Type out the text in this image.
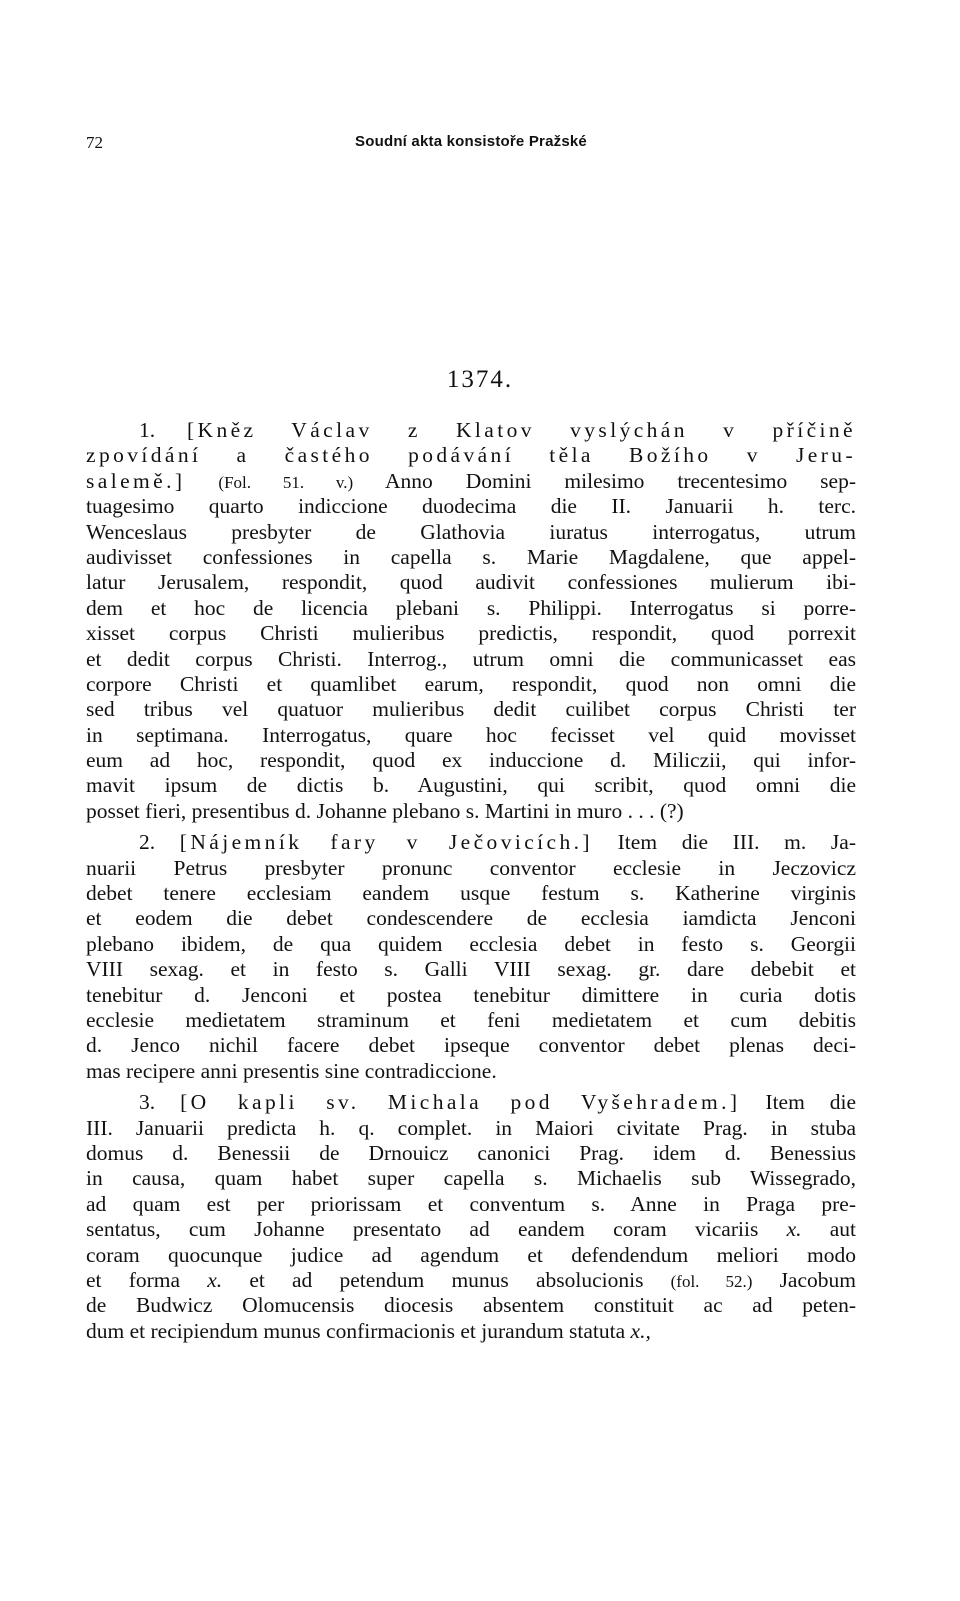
72	Soudní akta konsistoře Pražské
1374.
1. [Kněz Václav z Klatov vyslýchán v příčině
zpovídání a častého podávání těla Božího v Jeru-
salemě.] (Fol. 51. v.) Anno Domini milesimo trecentesimo sep-
tuagesimo quarto indiccione duodecima die II. Januarii h. terc.
Wenceslaus presbyter de Glathovia iuratus interrogatus, utrum
audivisset confessiones in capella s. Marie Magdalene, que appel-
latur Jerusalem, respondit, quod audivit confessiones mulierum ibi-
dem et hoc de licencia plebani s. Philippi. Interrogatus si porre-
xisset corpus Christi mulieribus predictis, respondit, quod porrexit
et dedit corpus Christi. Interrog., utrum omni die communicasset eas
corpore Christi et quamlibet earum, respondit, quod non omni die
sed tribus vel quatuor mulieribus dedit cuilibet corpus Christi ter
in septimana. Interrogatus, quare hoc fecisset vel quid movisset
eum ad hoc, respondit, quod ex induccione d. Miliczii, qui infor-
mavit ipsum de dictis b. Augustini, qui scribit, quod omni die
posset fieri, presentibus d. Johanne plebano s. Martini in muro . . . (?)
2. [Nájemník fary v Ječovicích.] Item die III. m. Ja-
nuarii Petrus presbyter pronunc conventor ecclesie in Jeczovicz
debet tenere ecclesiam eandem usque festum s. Katherine virginis
et eodem die debet condescendere de ecclesia iamdicta Jenconi
plebano ibidem, de qua quidem ecclesia debet in festo s. Georgii
VIII sexag. et in festo s. Galli VIII sexag. gr. dare debebit et
tenebitur d. Jenconi et postea tenebitur dimittere in curia dotis
ecclesie medietatem straminum et feni medietatem et cum debitis
d. Jenco nichil facere debet ipseque conventor debet plenas deci-
mas recipere anni presentis sine contradiccione.
3. [O kapli sv. Michala pod Vyšehradem.] Item die
III. Januarii predicta h. q. complet. in Maiori civitate Prag. in stuba
domus d. Benessii de Drnouicz canonici Prag. idem d. Benessius
in causa, quam habet super capella s. Michaelis sub Wissegrado,
ad quam est per priorissam et conventum s. Anne in Praga pre-
sentatus, cum Johanne presentato ad eandem coram vicariis x. aut
coram quocunque judice ad agendum et defendendum meliori modo
et forma x. et ad petendum munus absolucionis (fol. 52.) Jacobum
de Budwicz Olomucensis diocesis absentem constituit ac ad peten-
dum et recipiendum munus confirmacionis et jurandum statuta x.,
